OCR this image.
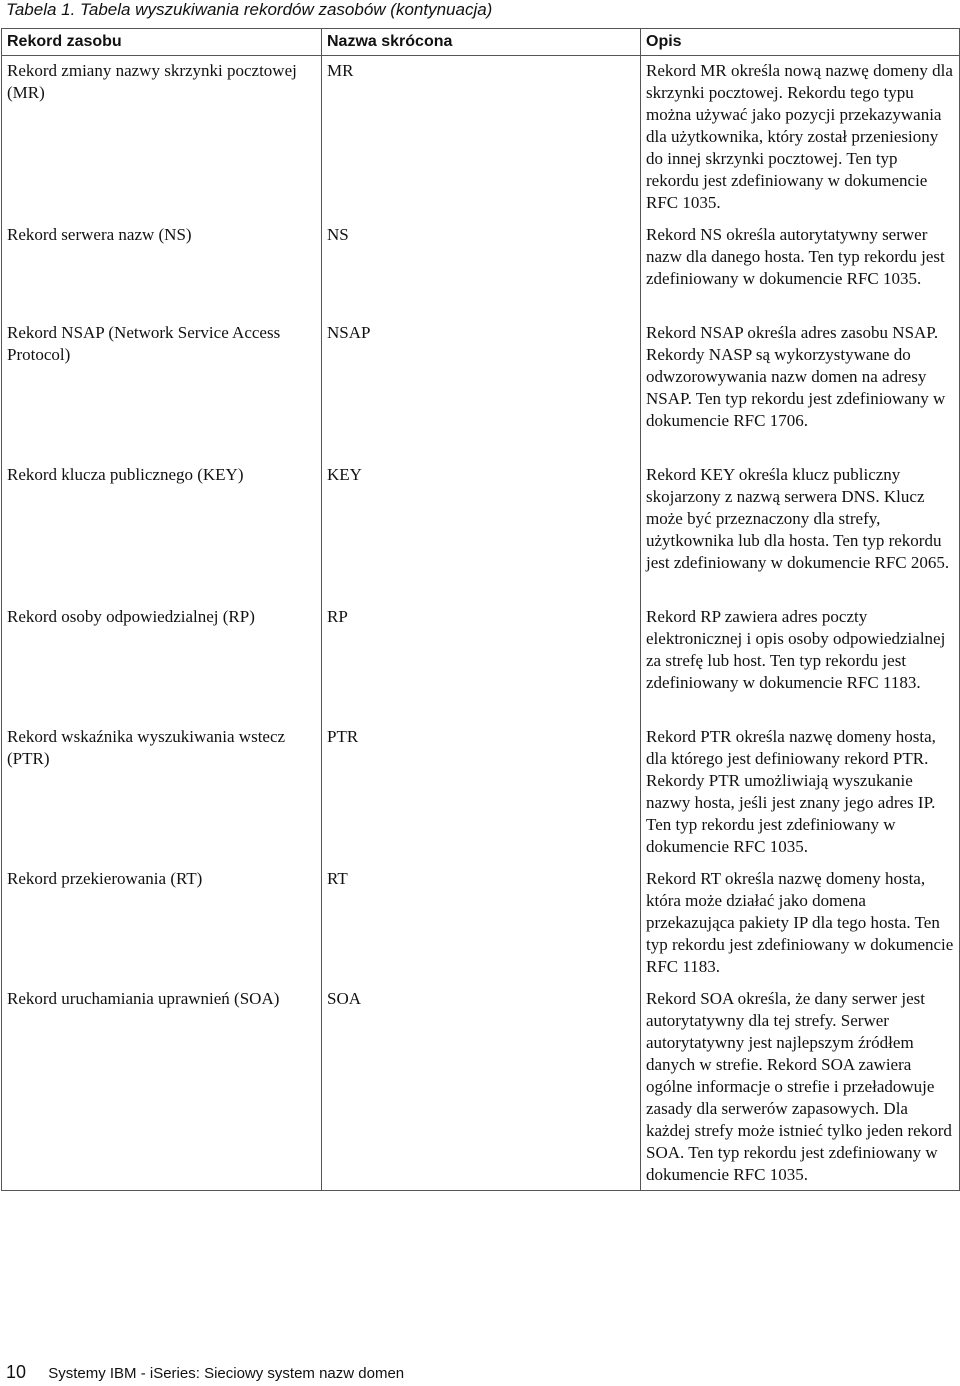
Tabela 1. Tabela wyszukiwania rekordów zasobów (kontynuacja)
Rekord zasobu	Nazwa skrócona	Opis
Rekord zmiany nazwy skrzynki pocztowej (MR)	MR	Rekord MR określa nową nazwę domeny dla skrzynki pocztowej. Rekordu tego typu można używać jako pozycji przekazywania dla użytkownika, który został przeniesiony do innej skrzynki pocztowej. Ten typ rekordu jest zdefiniowany w dokumencie RFC 1035.
Rekord serwera nazw (NS)	NS	Rekord NS określa autorytatywny serwer nazw dla danego hosta. Ten typ rekordu jest zdefiniowany w dokumencie RFC 1035.
Rekord NSAP (Network Service Access Protocol)	NSAP	Rekord NSAP określa adres zasobu NSAP. Rekordy NASP są wykorzystywane do odwzorowywania nazw domen na adresy NSAP. Ten typ rekordu jest zdefiniowany w dokumencie RFC 1706.
Rekord klucza publicznego (KEY)	KEY	Rekord KEY określa klucz publiczny skojarzony z nazwą serwera DNS. Klucz może być przeznaczony dla strefy, użytkownika lub dla hosta. Ten typ rekordu jest zdefiniowany w dokumencie RFC 2065.
Rekord osoby odpowiedzialnej (RP)	RP	Rekord RP zawiera adres poczty elektronicznej i opis osoby odpowiedzialnej za strefę lub host. Ten typ rekordu jest zdefiniowany w dokumencie RFC 1183.
Rekord wskaźnika wyszukiwania wstecz (PTR)	PTR	Rekord PTR określa nazwę domeny hosta, dla którego jest definiowany rekord PTR. Rekordy PTR umożliwiają wyszukanie nazwy hosta, jeśli jest znany jego adres IP. Ten typ rekordu jest zdefiniowany w dokumencie RFC 1035.
Rekord przekierowania (RT)	RT	Rekord RT określa nazwę domeny hosta, która może działać jako domena przekazująca pakiety IP dla tego hosta. Ten typ rekordu jest zdefiniowany w dokumencie RFC 1183.
Rekord uruchamiania uprawnień (SOA)	SOA	Rekord SOA określa, że dany serwer jest autorytatywny dla tej strefy. Serwer autorytatywny jest najlepszym źródłem danych w strefie. Rekord SOA zawiera ogólne informacje o strefie i przeładowuje zasady dla serwerów zapasowych. Dla każdej strefy może istnieć tylko jeden rekord SOA. Ten typ rekordu jest zdefiniowany w dokumencie RFC 1035.
10 Systemy IBM - iSeries: Sieciowy system nazw domen
